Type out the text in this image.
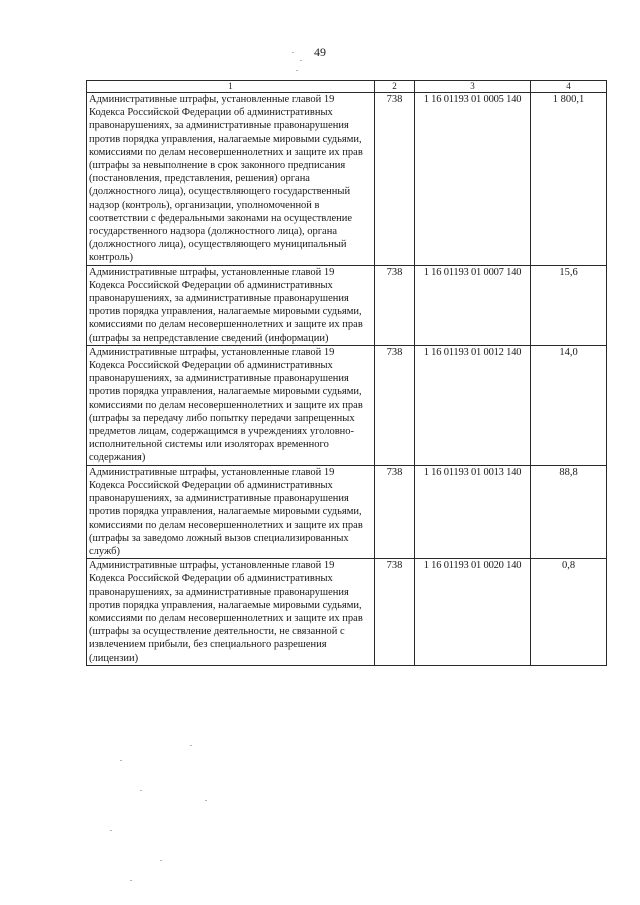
49
1	2	3	4
Административные штрафы, установленные главой 19 Кодекса Российской Федерации об административных правонарушениях, за административные правонарушения против порядка управления, налагаемые мировыми судьями, комиссиями по делам несовершеннолетних и защите их прав (штрафы за невыполнение в срок законного предписания (постановления, представления, решения) органа (должностного лица), осуществляющего государственный надзор (контроль), организации, уполномоченной в соответствии с федеральными законами на осуществление государственного надзора (должностного лица), органа (должностного лица), осуществляющего муниципальный контроль)	738	1 16 01193 01 0005 140	1 800,1
Административные штрафы, установленные главой 19 Кодекса Российской Федерации об административных правонарушениях, за административные правонарушения против порядка управления, налагаемые мировыми судьями, комиссиями по делам несовершеннолетних и защите их прав (штрафы за непредставление сведений (информации)	738	1 16 01193 01 0007 140	15,6
Административные штрафы, установленные главой 19 Кодекса Российской Федерации об административных правонарушениях, за административные правонарушения против порядка управления, налагаемые мировыми судьями, комиссиями по делам несовершеннолетних и защите их прав (штрафы за передачу либо попытку передачи запрещенных предметов лицам, содержащимся в учреждениях уголовно-исполнительной системы или изоляторах временного содержания)	738	1 16 01193 01 0012 140	14,0
Административные штрафы, установленные главой 19 Кодекса Российской Федерации об административных правонарушениях, за административные правонарушения против порядка управления, налагаемые мировыми судьями, комиссиями по делам несовершеннолетних и защите их прав (штрафы за заведомо ложный вызов специализированных служб)	738	1 16 01193 01 0013 140	88,8
Административные штрафы, установленные главой 19 Кодекса Российской Федерации об административных правонарушениях, за административные правонарушения против порядка управления, налагаемые мировыми судьями, комиссиями по делам несовершеннолетних и защите их прав (штрафы за осуществление деятельности, не связанной с извлечением прибыли, без специального разрешения (лицензии)	738	1 16 01193 01 0020 140	0,8
